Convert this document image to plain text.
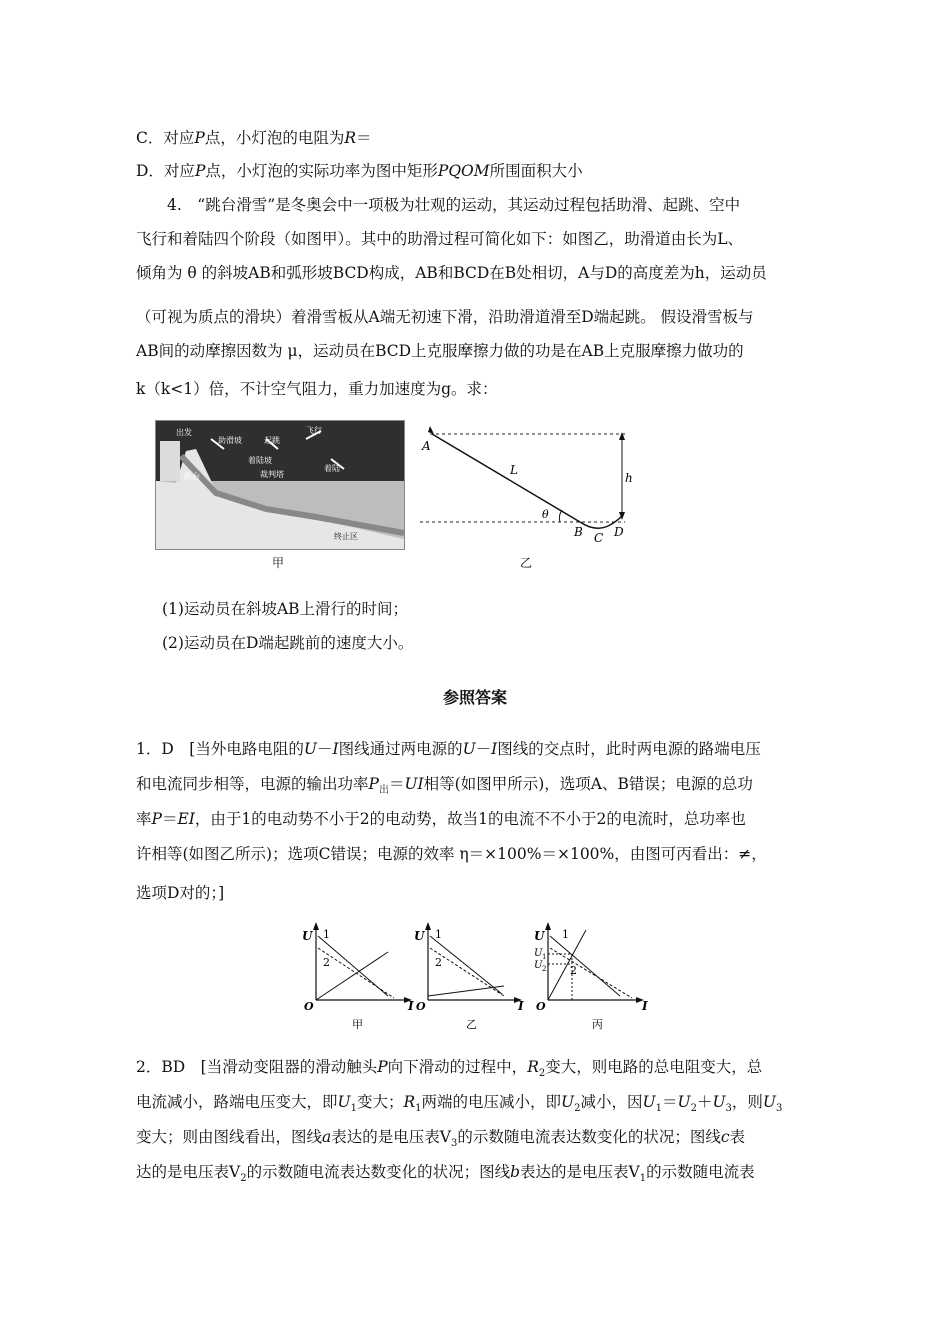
C．对应P点，小灯泡的电阻为R＝
D．对应P点，小灯泡的实际功率为图中矩形PQOM所围面积大小
　　4.　“跳台滑雪”是冬奥会中一项极为壮观的运动，其运动过程包括助滑、起跳、空中
飞行和着陆四个阶段（如图甲）。其中的助滑过程可简化如下：如图乙，助滑道由长为L、
倾角为 θ 的斜坡AB和弧形坡BCD构成，AB和BCD在B处相切，A与D的高度差为h，运动员
（可视为质点的滑块）着滑雪板从A端无初速下滑，沿助滑道滑至D端起跳。 假设滑雪板与
AB间的动摩擦因数为 μ，运动员在BCD上克服摩擦力做的功是在AB上克服摩擦力做功的
k（k<1）倍，不计空气阻力，重力加速度为g。求：
出发
助滑坡	起跳
飞行
着陆坡
裁判塔
着陆
跳台
终止区
甲
A
L
h
θ
B C D
乙
(1)运动员在斜坡AB上滑行的时间；
(2)运动员在D端起跳前的速度大小。
参照答案
1．D　[当外电路电阻的U－I图线通过两电源的U－I图线的交点时，此时两电源的路端电压
和电流同步相等，电源的输出功率$P_出=UI$相等(如图甲所示)，选项A、B错误；电源的总功
率P＝EI，由于1的电动势不小于2的电动势，故当1的电流不不小于2的电流时，总功率也
许相等(如图乙所示)；选项C错误；电源的效率 η＝×100%＝×100%，由图可丙看出：≠，
选项D对的；]
U 1
2
O	I
甲
U 1
2
O	I
乙
U 1
2
U 1
U 2
O	I
丙
2．BD　[当滑动变阻器的滑动触头P向下滑动的过程中，$R_2$变大，则电路的总电阻变大，总
电流减小，路端电压变大，即$U_1$变大；$R_1$两端的电压减小，即$U_2$减小，因$U_1=U_2+U_3$，则$U_3$
变大；则由图线看出，图线a表达的是电压表$V_3$的示数随电流表达数变化的状况；图线c表
达的是电压表$V_2$的示数随电流表达数变化的状况；图线b表达的是电压表$V_1$的示数随电流表
